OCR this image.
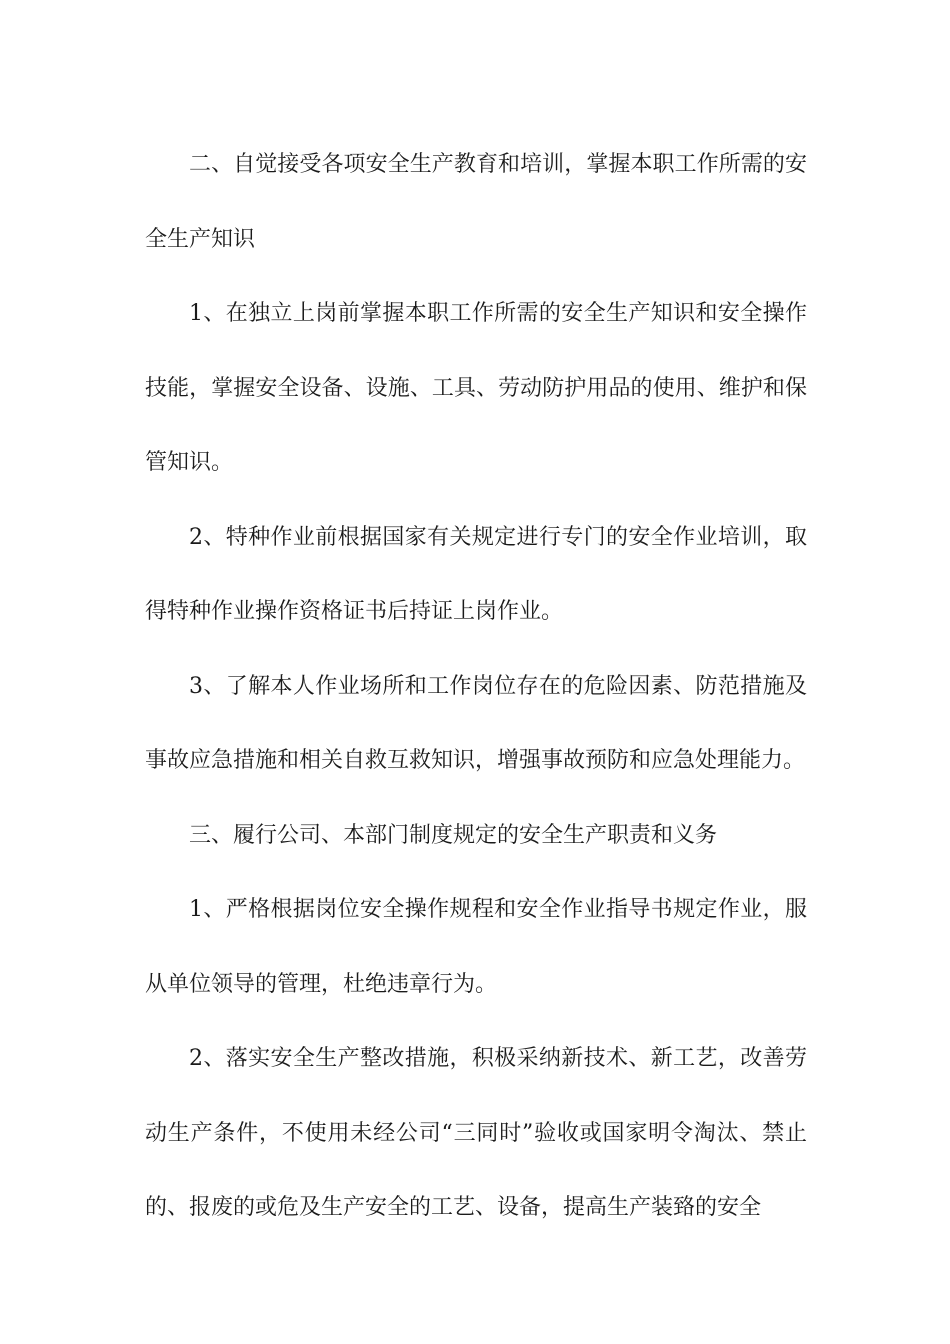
二、自觉接受各项安全生产教育和培训，掌握本职工作所需的安全生产知识

1、在独立上岗前掌握本职工作所需的安全生产知识和安全操作技能，掌握安全设备、设施、工具、劳动防护用品的使用、维护和保管知识。

2、特种作业前根据国家有关规定进行专门的安全作业培训，取得特种作业操作资格证书后持证上岗作业。

3、了解本人作业场所和工作岗位存在的危险因素、防范措施及事故应急措施和相关自救互救知识，增强事故预防和应急处理能力。

三、履行公司、本部门制度规定的安全生产职责和义务

1、严格根据岗位安全操作规程和安全作业指导书规定作业，服从单位领导的管理，杜绝违章行为。

2、落实安全生产整改措施，积极采纳新技术、新工艺，改善劳动生产条件，不使用未经公司“三同时”验收或国家明令淘汰、禁止的、报废的或危及生产安全的工艺、设备，提高生产装臵的安全
